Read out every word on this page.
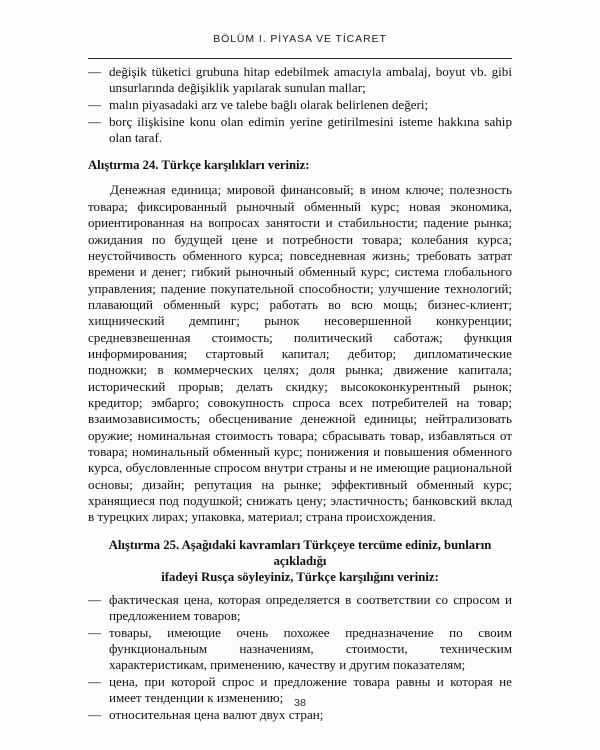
BÖLÜM I. PİYASA VE TİCARET
— değişik tüketici grubuna hitap edebilmek amacıyla ambalaj, boyut vb. gibi unsurlarında değişiklik yapılarak sunulan mallar;
— malın piyasadaki arz ve talebe bağlı olarak belirlenen değeri;
— borç ilişkisine konu olan edimin yerine getirilmesini isteme hakkına sahip olan taraf.
Alıştırma 24. Türkçe karşılıkları veriniz:
Денежная единица; мировой финансовый; в ином ключе; полезность товара; фиксированный рыночный обменный курс; новая экономика, ориентированная на вопросах занятости и стабильности; падение рынка; ожидания по будущей цене и потребности товара; колебания курса; неустойчивость обменного курса; повседневная жизнь; требовать затрат времени и денег; гибкий рыночный обменный курс; система глобального управления; падение покупательной способности; улучшение технологий; плавающий обменный курс; работать во всю мощь; бизнес-клиент; хищнический демпинг; рынок несовершенной конкуренции; средневзвешенная стоимость; политический саботаж; функция информирования; стартовый капитал; дебитор; дипломатические подножки; в коммерческих целях; доля рынка; движение капитала; исторический прорыв; делать скидку; высококонкурентный рынок; кредитор; эмбарго; совокупность спроса всех потребителей на товар; взаимозависимость; обесценивание денежной единицы; нейтрализовать оружие; номинальная стоимость товара; сбрасывать товар, избавляться от товара; номинальный обменный курс; понижения и повышения обменного курса, обусловленные спросом внутри страны и не имеющие рациональной основы; дизайн; репутация на рынке; эффективный обменный курс; хранящиеся под подушкой; снижать цену; эластичность; банковский вклад в турецких лирах; упаковка, материал; страна происхождения.
Alıştırma 25. Aşağıdaki kavramları Türkçeye tercüme ediniz, bunların açıkladığı
ifadeyi Rusça söyleyiniz, Türkçe karşılığını veriniz:
— фактическая цена, которая определяется в соответствии со спросом и предложением товаров;
— товары, имеющие очень похожее предназначение по своим функциональным назначениям, стоимости, техническим характеристикам, применению, качеству и другим показателям;
— цена, при которой спрос и предложение товара равны и которая не имеет тенденции к изменению;
— относительная цена валют двух стран;
38
